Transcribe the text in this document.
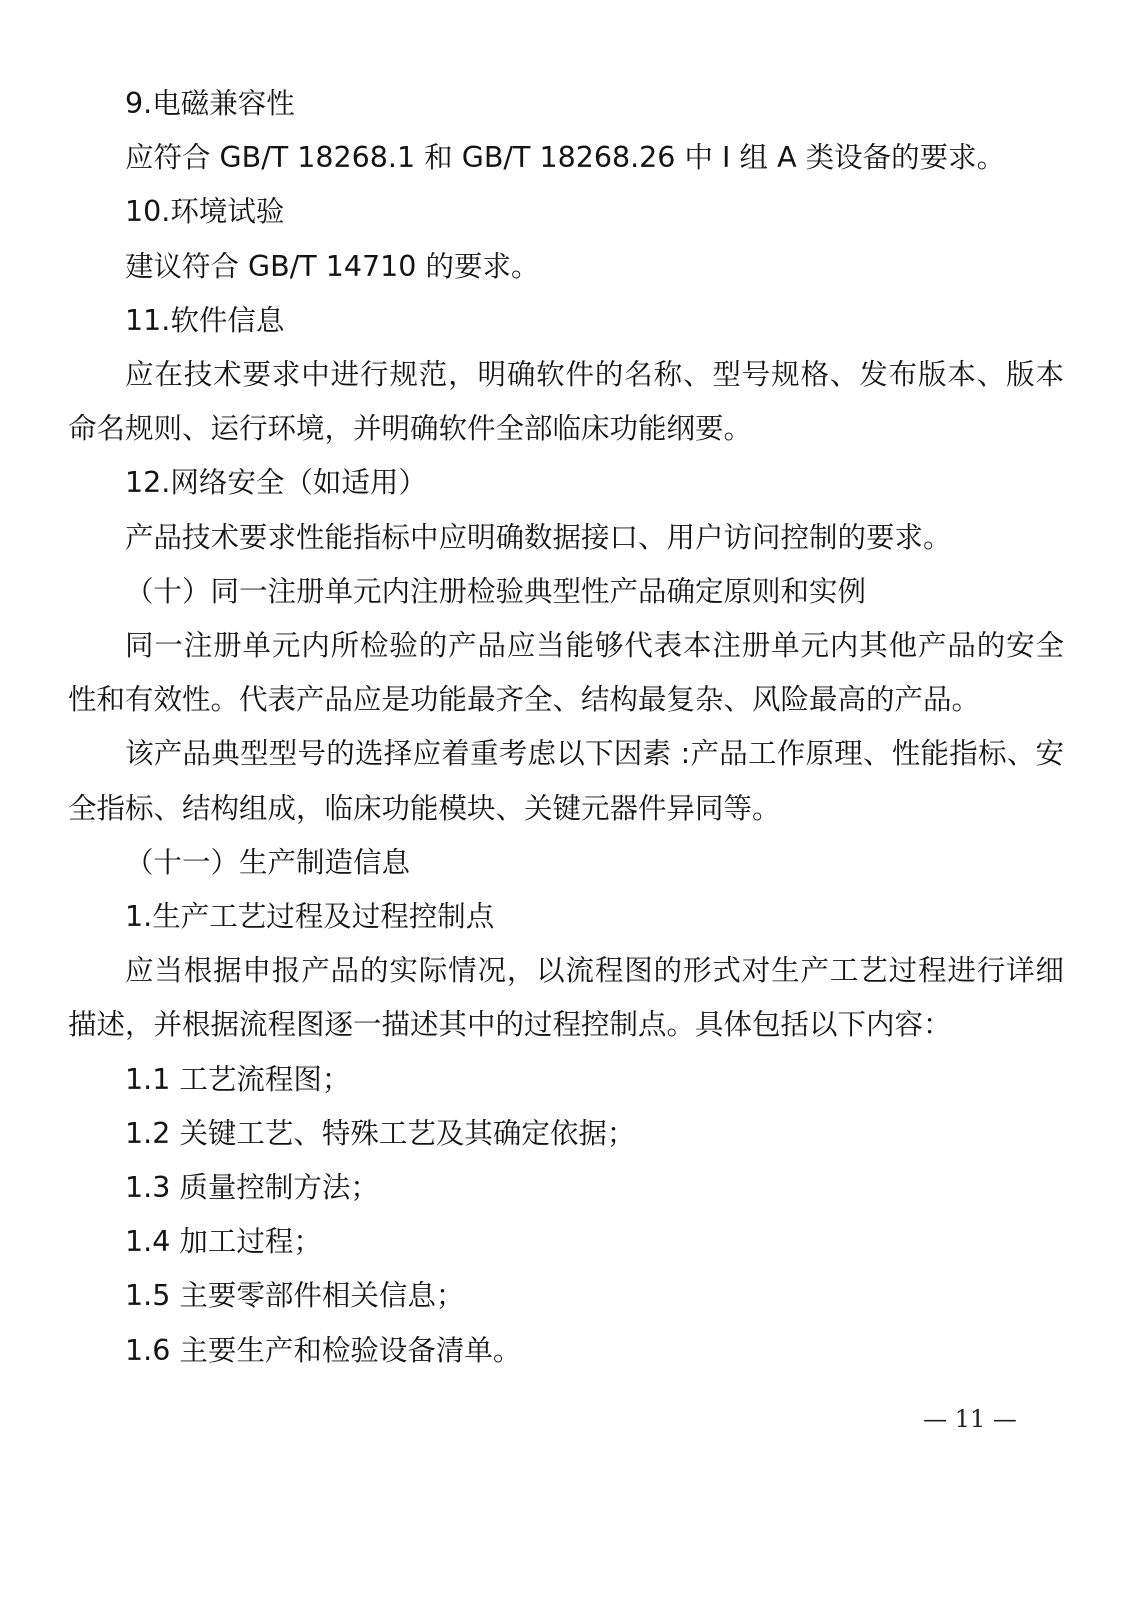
9.电磁兼容性

应符合 GB/T 18268.1 和 GB/T 18268.26 中 I 组 A 类设备的要求。

10.环境试验

建议符合 GB/T 14710 的要求。

11.软件信息

应在技术要求中进行规范，明确软件的名称、型号规格、发布版本、版本命名规则、运行环境，并明确软件全部临床功能纲要。

12.网络安全（如适用）

产品技术要求性能指标中应明确数据接口、用户访问控制的要求。

（十）同一注册单元内注册检验典型性产品确定原则和实例

同一注册单元内所检验的产品应当能够代表本注册单元内其他产品的安全性和有效性。代表产品应是功能最齐全、结构最复杂、风险最高的产品。

该产品典型型号的选择应着重考虑以下因素 :产品工作原理、性能指标、安全指标、结构组成，临床功能模块、关键元器件异同等。

（十一）生产制造信息

1.生产工艺过程及过程控制点

应当根据申报产品的实际情况，以流程图的形式对生产工艺过程进行详细描述，并根据流程图逐一描述其中的过程控制点。具体包括以下内容：

1.1 工艺流程图；

1.2 关键工艺、特殊工艺及其确定依据；

1.3 质量控制方法；

1.4 加工过程；

1.5 主要零部件相关信息；

1.6 主要生产和检验设备清单。

— 11 —
